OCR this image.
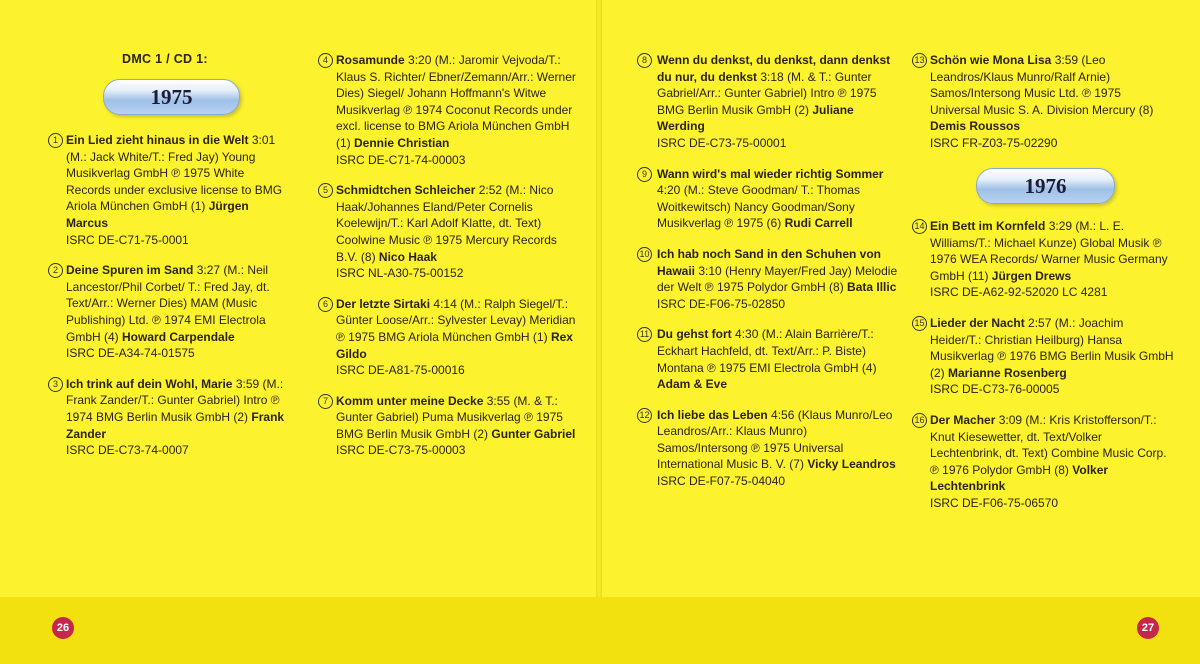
DMC 1 / CD 1:
1975
1976
1 Ein Lied zieht hinaus in die Welt 3:01 (M.: Jack White/T.: Fred Jay) Young Musikverlag GmbH ℗ 1975 White Records under exclusive license to BMG Ariola München GmbH (1) Jürgen Marcus
ISRC DE-C71-75-0001
2 Deine Spuren im Sand 3:27 (M.: Neil Lancestor/Phil Corbet/ T.: Fred Jay, dt. Text/Arr.: Werner Dies) MAM (Music Publishing) Ltd. ℗ 1974 EMI Electrola GmbH (4) Howard Carpendale
ISRC DE-A34-74-01575
3 Ich trink auf dein Wohl, Marie 3:59 (M.: Frank Zander/T.: Gunter Gabriel) Intro ℗ 1974 BMG Berlin Musik GmbH (2) Frank Zander
ISRC DE-C73-74-0007
4 Rosamunde 3:20 (M.: Jaromir Vejvoda/T.: Klaus S. Richter/ Ebner/Zemann/Arr.: Werner Dies) Siegel/ Johann Hoffmann's Witwe Musikverlag ℗ 1974 Coconut Records under excl. license to BMG Ariola München GmbH (1) Dennie Christian
ISRC DE-C71-74-00003
5 Schmidtchen Schleicher 2:52 (M.: Nico Haak/Johannes Eland/Peter Cornelis Koelewijn/T.: Karl Adolf Klatte, dt. Text) Coolwine Music ℗ 1975 Mercury Records B.V. (8) Nico Haak
ISRC NL-A30-75-00152
6 Der letzte Sirtaki 4:14 (M.: Ralph Siegel/T.: Günter Loose/Arr.: Sylvester Levay) Meridian ℗ 1975 BMG Ariola München GmbH (1) Rex Gildo
ISRC DE-A81-75-00016
7 Komm unter meine Decke 3:55 (M. & T.: Gunter Gabriel) Puma Musikverlag ℗ 1975 BMG Berlin Musik GmbH (2) Gunter Gabriel
ISRC DE-C73-75-00003
8 Wenn du denkst, du denkst, dann denkst du nur, du denkst 3:18 (M. & T.: Gunter Gabriel/Arr.: Gunter Gabriel) Intro ℗ 1975 BMG Berlin Musik GmbH (2) Juliane Werding
ISRC DE-C73-75-00001
9 Wann wird's mal wieder richtig Sommer 4:20 (M.: Steve Goodman/ T.: Thomas Woitkewitsch) Nancy Goodman/Sony Musikverlag ℗ 1975 (6) Rudi Carrell
10 Ich hab noch Sand in den Schuhen von Hawaii 3:10 (Henry Mayer/Fred Jay) Melodie der Welt ℗ 1975 Polydor GmbH (8) Bata Illic
ISRC DE-F06-75-02850
11 Du gehst fort 4:30 (M.: Alain Barrière/T.: Eckhart Hachfeld, dt. Text/Arr.: P. Biste) Montana ℗ 1975 EMI Electrola GmbH (4) Adam & Eve
12 Ich liebe das Leben 4:56 (Klaus Munro/Leo Leandros/Arr.: Klaus Munro) Samos/Intersong ℗ 1975 Universal International Music B. V. (7) Vicky Leandros
ISRC DE-F07-75-04040
13 Schön wie Mona Lisa 3:59 (Leo Leandros/Klaus Munro/Ralf Arnie) Samos/Intersong Music Ltd. ℗ 1975 Universal Music S. A. Division Mercury (8) Demis Roussos
ISRC FR-Z03-75-02290
14 Ein Bett im Kornfeld 3:29 (M.: L. E. Williams/T.: Michael Kunze) Global Musik ℗ 1976 WEA Records/ Warner Music Germany GmbH (11) Jürgen Drews
ISRC DE-A62-92-52020 LC 4281
15 Lieder der Nacht 2:57 (M.: Joachim Heider/T.: Christian Heilburg) Hansa Musikverlag ℗ 1976 BMG Berlin Musik GmbH (2) Marianne Rosenberg
ISRC DE-C73-76-00005
16 Der Macher 3:09 (M.: Kris Kristofferson/T.: Knut Kiesewetter, dt. Text/Volker Lechtenbrink, dt. Text) Combine Music Corp. ℗ 1976 Polydor GmbH (8) Volker Lechtenbrink
ISRC DE-F06-75-06570
26	27
